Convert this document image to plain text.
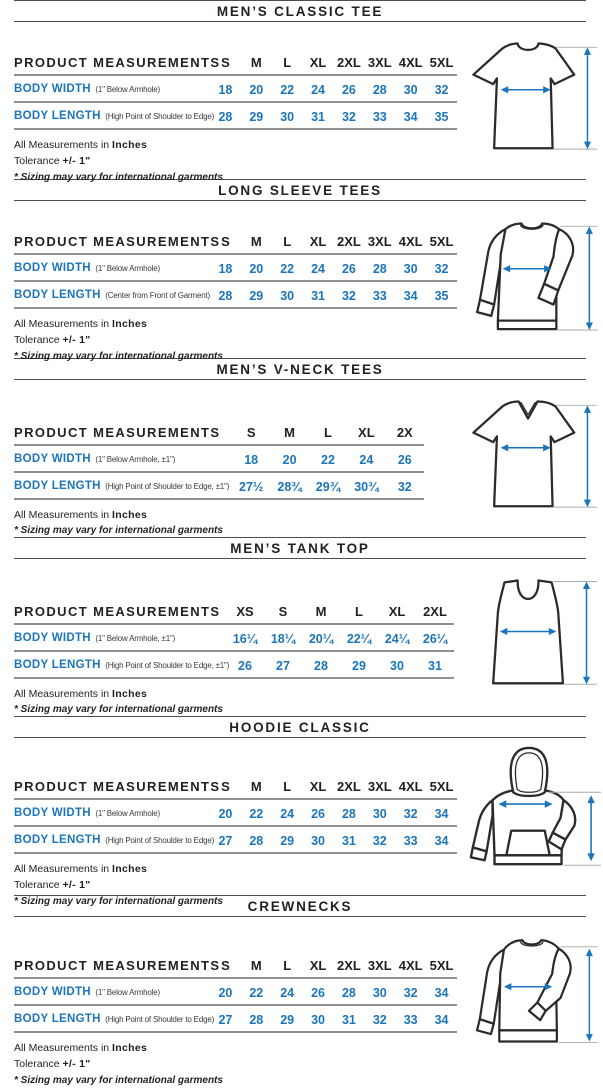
MEN’S CLASSIC TEE
PRODUCT MEASUREMENTS	S	M	L	XL	2XL	3XL	4XL	5XL
BODY WIDTH (1" Below Armhole)	18	20	22	24	26	28	30	32
BODY LENGTH (High Point of Shoulder to Edge)	28	29	30	31	32	33	34	35

All Measurements in Inches

Tolerance +/- 1"

* Sizing may vary for international garments

LONG SLEEVE TEES
PRODUCT MEASUREMENTS	S	M	L	XL	2XL	3XL	4XL	5XL
BODY WIDTH (1" Below Armhole)	18	20	22	24	26	28	30	32
BODY LENGTH (Center from Front of Garment)	28	29	30	31	32	33	34	35

All Measurements in Inches

Tolerance +/- 1"

* Sizing may vary for international garments

MEN’S V-NECK TEES
PRODUCT MEASUREMENTS	S	M	L	XL	2X
BODY WIDTH (1" Below Armhole, ±1")	18	20	22	24	26
BODY LENGTH (High Point of Shoulder to Edge, ±1")	27½	28¾	29¾	30¾	32

All Measurements in Inches

* Sizing may vary for international garments

MEN’S TANK TOP
PRODUCT MEASUREMENTS	XS	S	M	L	XL	2XL
BODY WIDTH (1" Below Armhole, ±1")	16¼	18¼	20¼	22¼	24¼	26¼
BODY LENGTH (High Point of Shoulder to Edge, ±1")	26	27	28	29	30	31

All Measurements in Inches

* Sizing may vary for international garments

HOODIE CLASSIC
PRODUCT MEASUREMENTS	S	M	L	XL	2XL	3XL	4XL	5XL
BODY WIDTH (1" Below Armhole)	20	22	24	26	28	30	32	34
BODY LENGTH (High Point of Shoulder to Edge)	27	28	29	30	31	32	33	34

All Measurements in Inches

Tolerance +/- 1"

* Sizing may vary for international garments	CREWNECKS
PRODUCT MEASUREMENTS	S	M	L	XL	2XL	3XL	4XL	5XL
BODY WIDTH (1" Below Armhole)	20	22	24	26	28	30	32	34
BODY LENGTH (High Point of Shoulder to Edge)	27	28	29	30	31	32	33	34

All Measurements in Inches

Tolerance +/- 1"

* Sizing may vary for international garments
